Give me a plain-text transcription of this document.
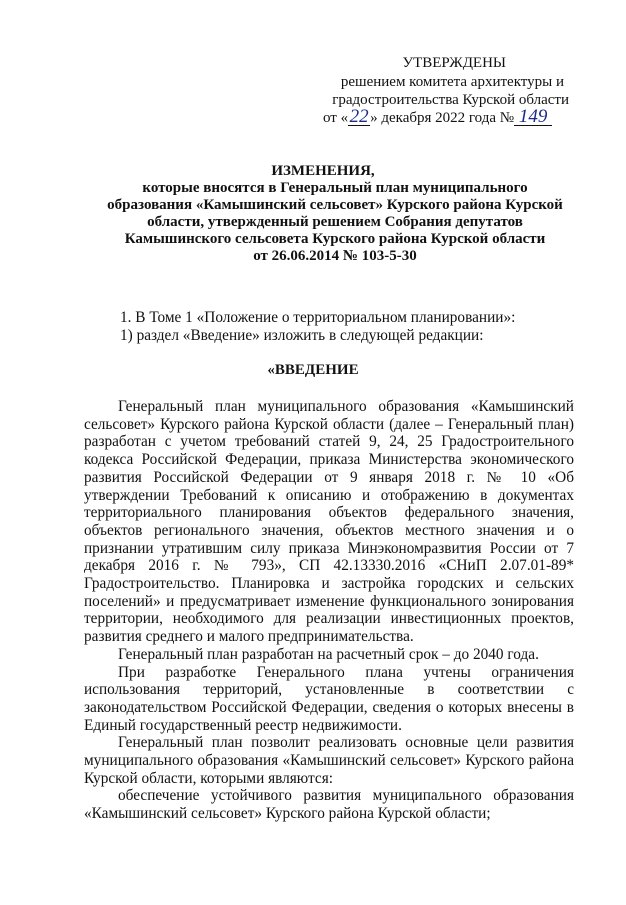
УТВЕРЖДЕНЫ
решением комитета архитектуры и
градостроительства Курской области
от «22 » декабря 2022 года № 149
ИЗМЕНЕНИЯ,
которые вносятся в Генеральный план муниципального
образования «Камышинский сельсовет» Курского района Курской
области, утвержденный решением Собрания депутатов
Камышинского сельсовета Курского района Курской области
от 26.06.2014 № 103-5-30
1. В Томе 1 «Положение о территориальном планировании»:
1) раздел «Введение» изложить в следующей редакции:
«ВВЕДЕНИЕ

Генеральный план муниципального образования «Камышинский сельсовет» Курского района Курской области (далее – Генеральный план) разработан с учетом требований статей 9, 24, 25 Градостроительного кодекса Российской Федерации, приказа Министерства экономического развития Российской Федерации от 9 января 2018 г. № 10 «Об утверждении Требований к описанию и отображению в документах территориального планирования объектов федерального значения, объектов регионального значения, объектов местного значения и о признании утратившим силу приказа Минэкономразвития России от 7 декабря 2016 г. № 793», СП 42.13330.2016 «СНиП 2.07.01-89* Градостроительство. Планировка и застройка городских и сельских поселений» и предусматривает изменение функционального зонирования территории, необходимого для реализации инвестиционных проектов, развития среднего и малого предпринимательства.

Генеральный план разработан на расчетный срок – до 2040 года.

При разработке Генерального плана учтены ограничения использования территорий, установленные в соответствии с законодательством Российской Федерации, сведения о которых внесены в Единый государственный реестр недвижимости.

Генеральный план позволит реализовать основные цели развития муниципального образования «Камышинский сельсовет» Курского района Курской области, которыми являются:

обеспечение устойчивого развития муниципального образования «Камышинский сельсовет» Курского района Курской области;
